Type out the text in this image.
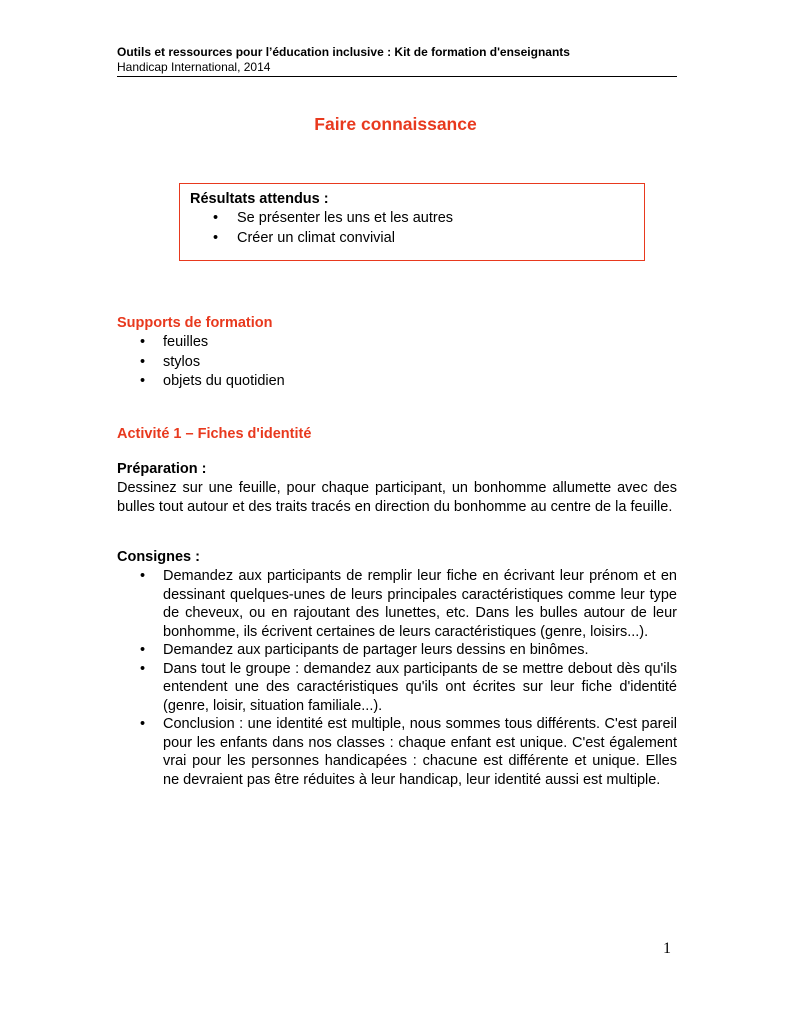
Outils et ressources pour l’éducation inclusive : Kit de formation d'enseignants
Handicap International, 2014
Faire connaissance
Résultats attendus :
• Se présenter les uns et les autres
• Créer un climat convivial
Supports de formation
• feuilles
• stylos
• objets du quotidien
Activité 1 – Fiches d'identité
Préparation :
Dessinez sur une feuille, pour chaque participant, un bonhomme allumette avec des bulles tout autour et des traits tracés en direction du bonhomme au centre de la feuille.
Consignes :
• Demandez aux participants de remplir leur fiche en écrivant leur prénom et en dessinant quelques-unes de leurs principales caractéristiques comme leur type de cheveux, ou en rajoutant des lunettes, etc. Dans les bulles autour de leur bonhomme, ils écrivent certaines de leurs caractéristiques (genre, loisirs...).
• Demandez aux participants de partager leurs dessins en binômes.
• Dans tout le groupe : demandez aux participants de se mettre debout dès qu'ils entendent une des caractéristiques qu'ils ont écrites sur leur fiche d'identité (genre, loisir, situation familiale...).
• Conclusion : une identité est multiple, nous sommes tous différents. C'est pareil pour les enfants dans nos classes : chaque enfant est unique. C'est également vrai pour les personnes handicapées : chacune est différente et unique. Elles ne devraient pas être réduites à leur handicap, leur identité aussi est multiple.
1
